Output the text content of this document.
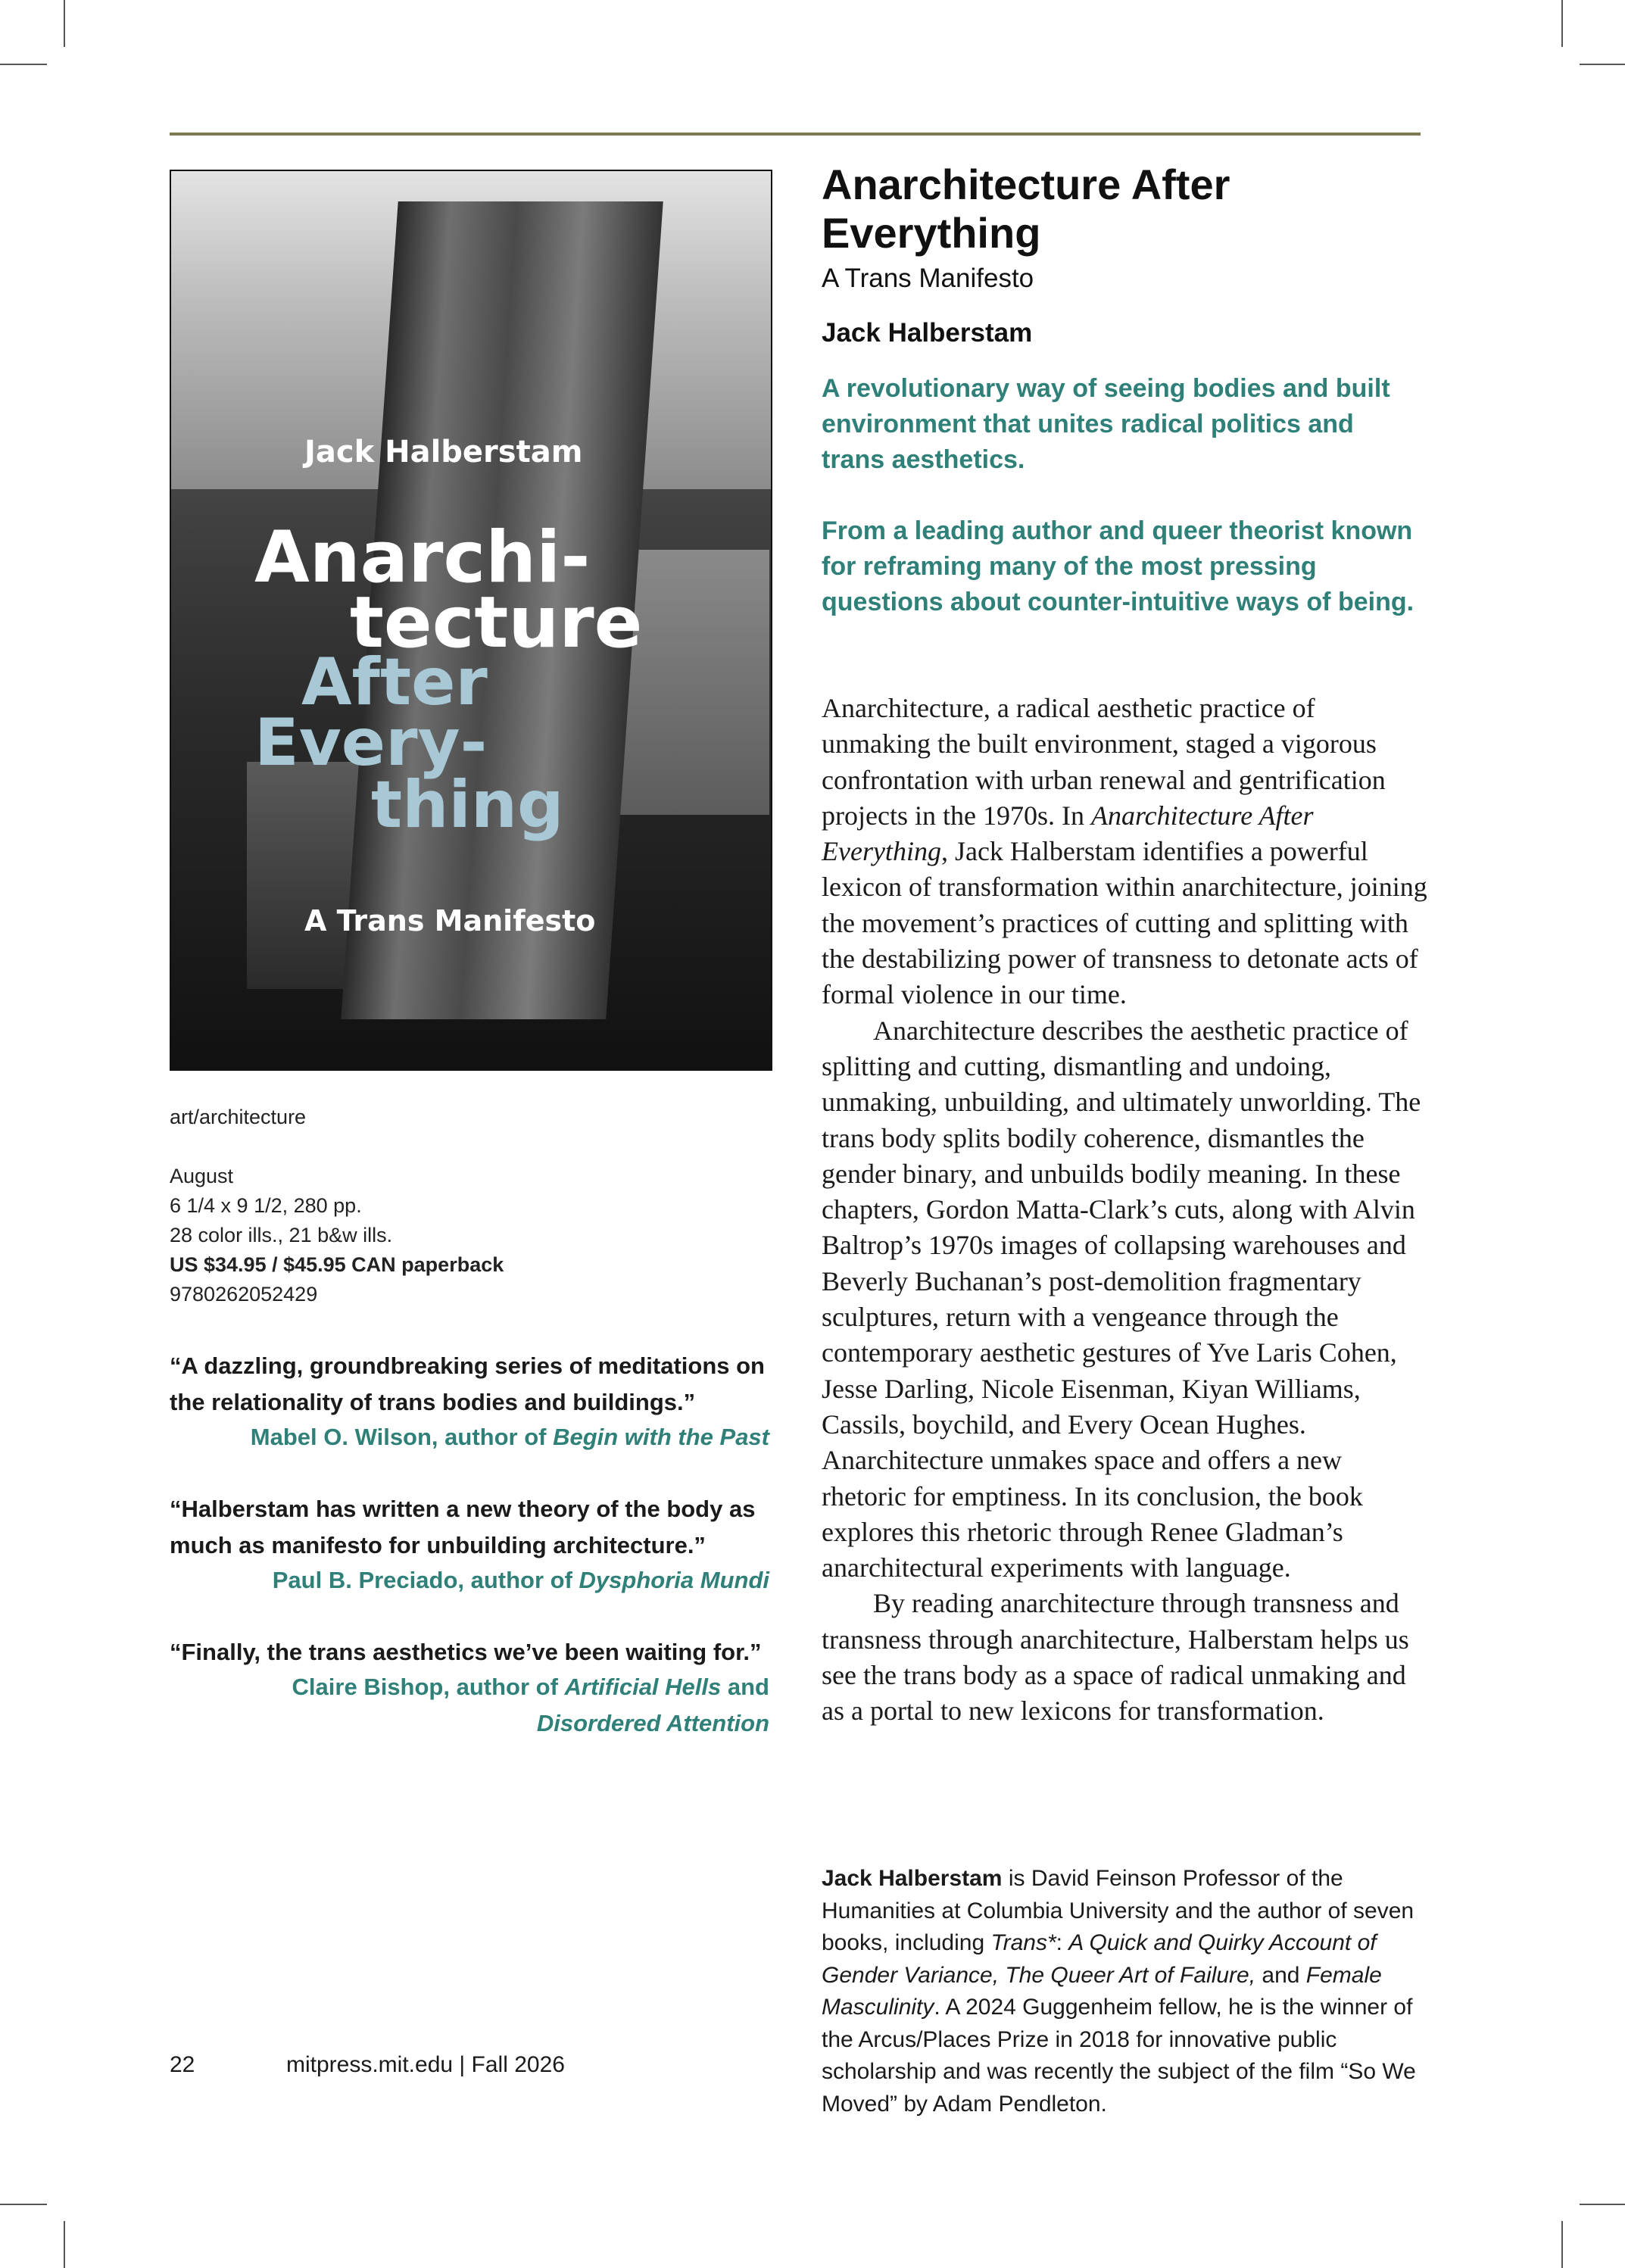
Jack Halberstam
Anarchi-
tecture
After
Every-
thing
A Trans Manifesto
art/architecture
August
6 1/4 x 9 1/2, 280 pp.
28 color ills., 21 b&w ills.
US $34.95 / $45.95 CAN paperback
9780262052429
“A dazzling, groundbreaking series of meditations on the relationality of trans bodies and buildings.”
Mabel O. Wilson, author of Begin with the Past
“Halberstam has written a new theory of the body as much as manifesto for unbuilding architecture.”
Paul B. Preciado, author of Dysphoria Mundi
“Finally, the trans aesthetics we’ve been waiting for.”
Claire Bishop, author of Artificial Hells and
Disordered Attention
Anarchitecture After
Everything
A Trans Manifesto
Jack Halberstam
A revolutionary way of seeing bodies and built environment that unites radical politics and trans aesthetics.
From a leading author and queer theorist known for reframing many of the most pressing questions about counter-intuitive ways of being.

Anarchitecture, a radical aesthetic practice of unmaking the built environment, staged a vigorous confrontation with urban renewal and gentrification projects in the 1970s. In Anarchitecture After Everything, Jack Halberstam identifies a powerful lexicon of transformation within anarchitecture, joining the movement’s practices of cutting and splitting with the destabilizing power of transness to detonate acts of formal violence in our time.

Anarchitecture describes the aesthetic practice of splitting and cutting, dismantling and undoing, unmaking, unbuilding, and ultimately unworlding. The trans body splits bodily coherence, dismantles the gender binary, and unbuilds bodily meaning. In these chapters, Gordon Matta-Clark’s cuts, along with Alvin Baltrop’s 1970s images of collapsing warehouses and Beverly Buchanan’s post-demolition fragmentary sculptures, return with a vengeance through the contemporary aesthetic gestures of Yve Laris Cohen, Jesse Darling, Nicole Eisenman, Kiyan Williams, Cassils, boychild, and Every Ocean Hughes. Anarchitecture unmakes space and offers a new rhetoric for emptiness. In its conclusion, the book explores this rhetoric through Renee Gladman’s anarchitectural experiments with language.

By reading anarchitecture through transness and transness through anarchitecture, Halberstam helps us see the trans body as a space of radical unmaking and as a portal to new lexicons for transformation.

Jack Halberstam is David Feinson Professor of the Humanities at Columbia University and the author of seven books, including Trans*: A Quick and Quirky Account of Gender Variance, The Queer Art of Failure, and Female Masculinity. A 2024 Guggenheim fellow, he is the winner of the Arcus/Places Prize in 2018 for innovative public scholarship and was recently the subject of the film “So We Moved” by Adam Pendleton.
22	mitpress.mit.edu | Fall 2026
